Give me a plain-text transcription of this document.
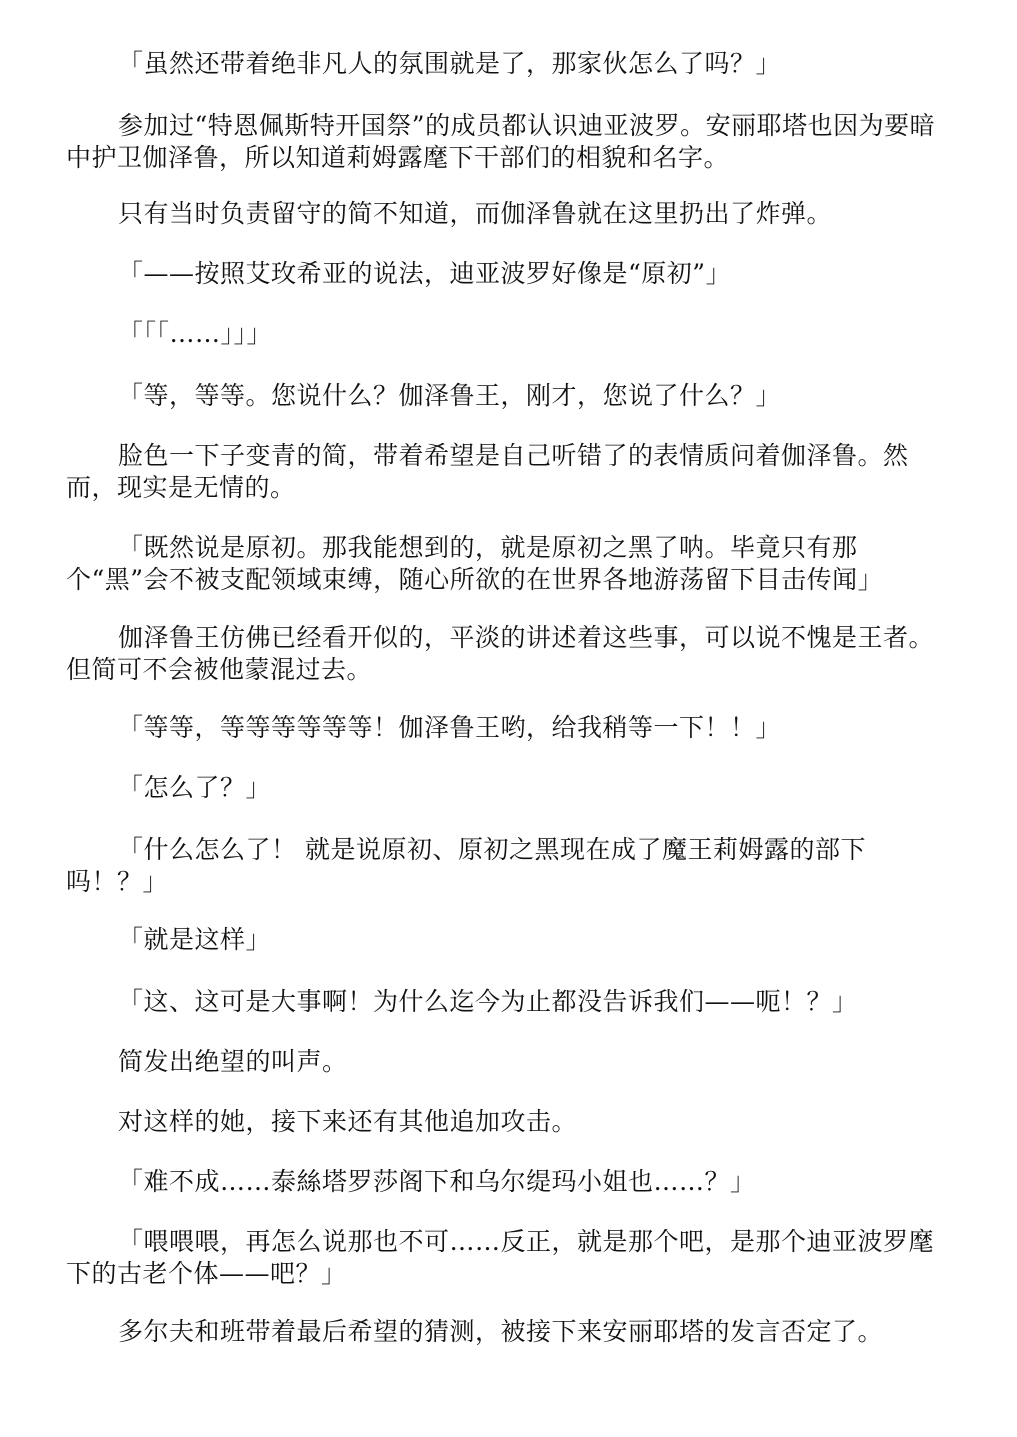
「虽然还带着绝非凡人的氛围就是了，那家伙怎么了吗？」

参加过“特恩佩斯特开国祭”的成员都认识迪亚波罗。安丽耶塔也因为要暗中护卫伽泽鲁，所以知道莉姆露麾下干部们的相貌和名字。

只有当时负责留守的简不知道，而伽泽鲁就在这里扔出了炸弹。

「——按照艾玫希亚的说法，迪亚波罗好像是“原初”」

「「「……」」」

「等，等等。您说什么？伽泽鲁王，刚才，您说了什么？」

脸色一下子变青的简，带着希望是自己听错了的表情质问着伽泽鲁。然而，现实是无情的。

「既然说是原初。那我能想到的，就是原初之黑了呐。毕竟只有那个“黑”会不被支配领域束缚，随心所欲的在世界各地游荡留下目击传闻」

伽泽鲁王仿佛已经看开似的，平淡的讲述着这些事，可以说不愧是王者。但简可不会被他蒙混过去。

「等等，等等等等等等！伽泽鲁王哟，给我稍等一下！！」

「怎么了？」

「什么怎么了！ 就是说原初、原初之黑现在成了魔王莉姆露的部下吗！？」

「就是这样」

「这、这可是大事啊！为什么迄今为止都没告诉我们——呃！？」

简发出绝望的叫声。

对这样的她，接下来还有其他追加攻击。

「难不成……泰絲塔罗莎阁下和乌尔缇玛小姐也……？」

「喂喂喂，再怎么说那也不可……反正，就是那个吧，是那个迪亚波罗麾下的古老个体——吧？」

多尔夫和班带着最后希望的猜测，被接下来安丽耶塔的发言否定了。
